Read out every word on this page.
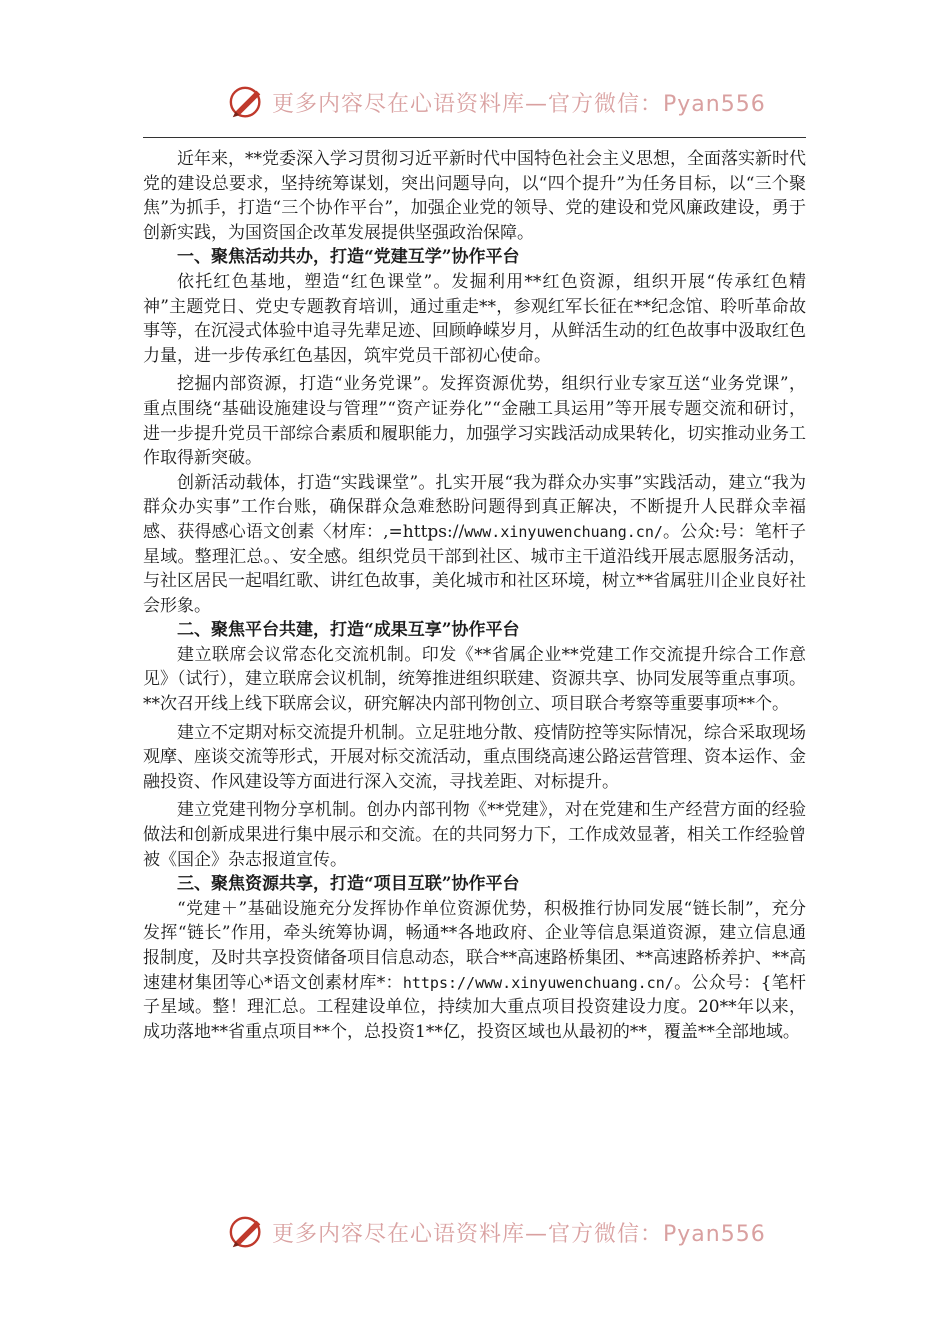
更多内容尽在心语资料库—官方微信：Pyan556

近年来，**党委深入学习贯彻习近平新时代中国特色社会主义思想，全面落实新时代党的建设总要求，坚持统筹谋划，突出问题导向，以“四个提升”为任务目标，以“三个聚焦”为抓手，打造“三个协作平台”，加强企业党的领导、党的建设和党风廉政建设，勇于创新实践，为国资国企改革发展提供坚强政治保障。

一、聚焦活动共办，打造“党建互学”协作平台

依托红色基地，塑造“红色课堂”。发掘利用**红色资源，组织开展“传承红色精神”主题党日、党史专题教育培训，通过重走**，参观红军长征在**纪念馆、聆听革命故事等，在沉浸式体验中追寻先辈足迹、回顾峥嵘岁月，从鲜活生动的红色故事中汲取红色力量，进一步传承红色基因，筑牢党员干部初心使命。

挖掘内部资源，打造“业务党课”。发挥资源优势，组织行业专家互送“业务党课”，重点围绕“基础设施建设与管理”“资产证券化”“金融工具运用”等开展专题交流和研讨，进一步提升党员干部综合素质和履职能力，加强学习实践活动成果转化，切实推动业务工作取得新突破。

创新活动载体，打造“实践课堂”。扎实开展“我为群众办实事”实践活动，建立“我为群众办实事”工作台账，确保群众急难愁盼问题得到真正解决，不断提升人民群众幸福感、获得感心语文创素〈材库：,=https://www.xinyuwenchuang.cn/。公众:号：笔杆子星域。整理汇总。、安全感。组织党员干部到社区、城市主干道沿线开展志愿服务活动，与社区居民一起唱红歌、讲红色故事，美化城市和社区环境，树立**省属驻川企业良好社会形象。

二、聚焦平台共建，打造“成果互享”协作平台

建立联席会议常态化交流机制。印发《**省属企业**党建工作交流提升综合工作意见》（试行），建立联席会议机制，统筹推进组织联建、资源共享、协同发展等重点事项。**次召开线上线下联席会议，研究解决内部刊物创立、项目联合考察等重要事项**个。

建立不定期对标交流提升机制。立足驻地分散、疫情防控等实际情况，综合采取现场观摩、座谈交流等形式，开展对标交流活动，重点围绕高速公路运营管理、资本运作、金融投资、作风建设等方面进行深入交流，寻找差距、对标提升。

建立党建刊物分享机制。创办内部刊物《**党建》，对在党建和生产经营方面的经验做法和创新成果进行集中展示和交流。在的共同努力下，工作成效显著，相关工作经验曾被《国企》杂志报道宣传。

三、聚焦资源共享，打造“项目互联”协作平台

“党建＋”基础设施充分发挥协作单位资源优势，积极推行协同发展“链长制”，充分发挥“链长”作用，牵头统筹协调，畅通**各地政府、企业等信息渠道资源，建立信息通报制度，及时共享投资储备项目信息动态，联合**高速路桥集团、**高速路桥养护、**高速建材集团等心*语文创素材库*：https://www.xinyuwenchuang.cn/。公众号：{笔杆子星域。整！理汇总。工程建设单位，持续加大重点项目投资建设力度。20**年以来，成功落地**省重点项目**个，总投资1**亿，投资区域也从最初的**，覆盖**全部地域。

更多内容尽在心语资料库—官方微信：Pyan556
